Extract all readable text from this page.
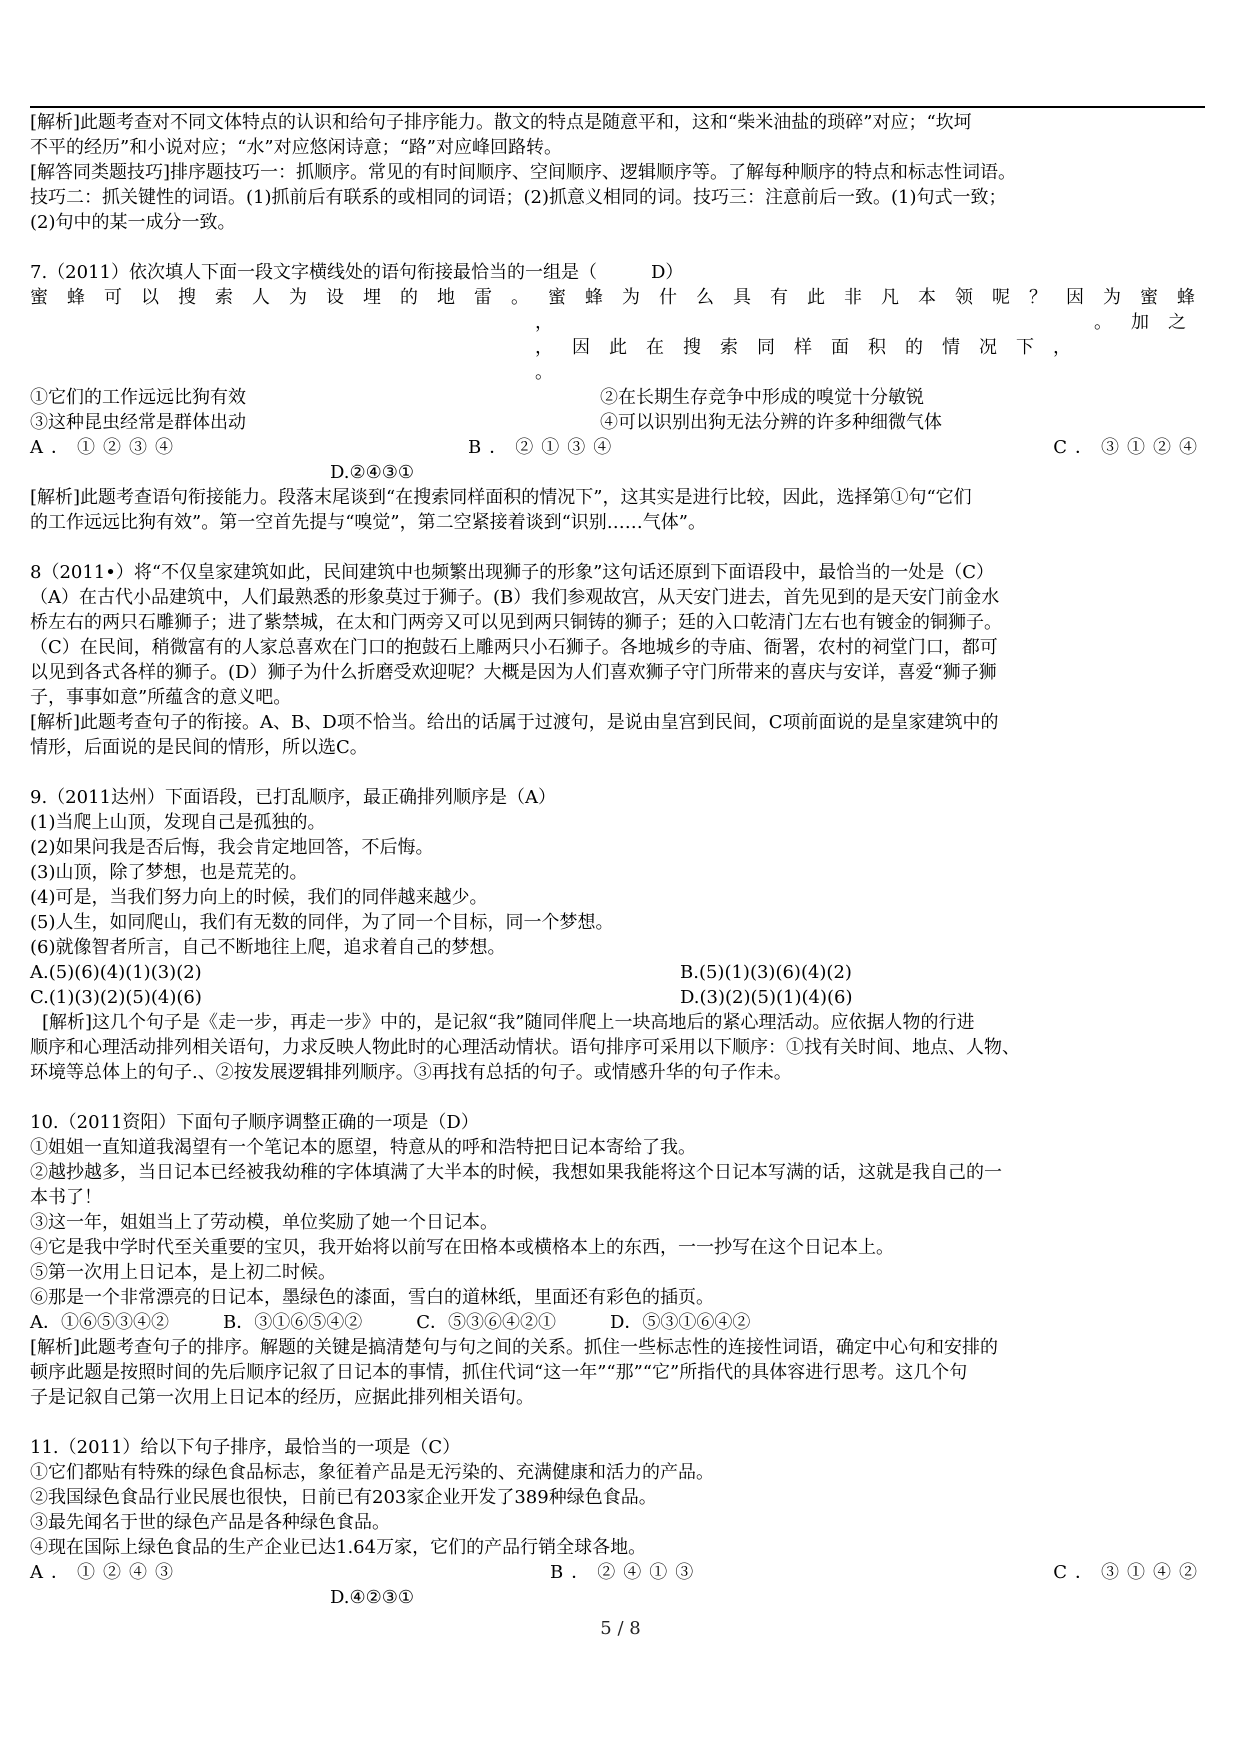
[解析]此题考查对不同文体特点的认识和给句子排序能力。散文的特点是随意平和，这和“柴米油盐的琐碎”对应；“坎坷
不平的经历”和小说对应；“水”对应悠闲诗意；“路”对应峰回路转。
[解答同类题技巧]排序题技巧一：抓顺序。常见的有时间顺序、空间顺序、逻辑顺序等。了解每种顺序的特点和标志性词语。
技巧二：抓关键性的词语。(1)抓前后有联系的或相同的词语；(2)抓意义相同的词。技巧三：注意前后一致。(1)句式一致；
(2)句中的某一成分一致。
7.（2011）依次填人下面一段文字横线处的语句衔接最恰当的一组是（　　　D）
蜜蜂可以搜索人为设埋的地雷。蜜蜂为什么具有此非凡本领呢？因为蜜蜂
，	。加之
，因此在搜索同样面积的情况下，
。
①它们的工作远远比狗有效	②在长期生存竞争中形成的嗅觉十分敏锐
③这种昆虫经常是群体出动	④可以识别出狗无法分辨的许多种细微气体
A．①②③④	B．②①③④	C．③①②④
D.②④③①
[解析]此题考查语句衔接能力。段落末尾谈到“在搜索同样面积的情况下”，这其实是进行比较，因此，选择第①句“它们
的工作远远比狗有效”。第一空首先提与“嗅觉”，第二空紧接着谈到“识别……气体”。
8（2011•）将“不仅皇家建筑如此，民间建筑中也频繁出现狮子的形象”这句话还原到下面语段中，最恰当的一处是（C）
（A）在古代小品建筑中，人们最熟悉的形象莫过于狮子。(B）我们参观故宫，从天安门进去，首先见到的是天安门前金水
桥左右的两只石雕狮子；进了紫禁城，在太和门两旁又可以见到两只铜铸的狮子；廷的入口乾清门左右也有镀金的铜狮子。
（C）在民间，稍微富有的人家总喜欢在门口的抱鼓石上雕两只小石狮子。各地城乡的寺庙、衙署，农村的祠堂门口，都可
以见到各式各样的狮子。(D）狮子为什么折磨受欢迎呢？大概是因为人们喜欢狮子守门所带来的喜庆与安详，喜爱“狮子狮
子，事事如意”所蕴含的意义吧。
[解析]此题考查句子的衔接。A、B、D项不恰当。给出的话属于过渡句，是说由皇宫到民间，C项前面说的是皇家建筑中的
情形，后面说的是民间的情形，所以选C。
9.（2011达州）下面语段，已打乱顺序，最正确排列顺序是（A）
(1)当爬上山顶，发现自己是孤独的。
(2)如果问我是否后悔，我会肯定地回答，不后悔。
(3)山顶，除了梦想，也是荒芜的。
(4)可是，当我们努力向上的时候，我们的同伴越来越少。
(5)人生，如同爬山，我们有无数的同伴，为了同一个目标，同一个梦想。
(6)就像智者所言，自己不断地往上爬，追求着自己的梦想。
A.(5)(6)(4)(1)(3)(2)	B.(5)(1)(3)(6)(4)(2)
C.(1)(3)(2)(5)(4)(6)	D.(3)(2)(5)(1)(4)(6)
[解析]这几个句子是《走一步，再走一步》中的，是记叙“我”随同伴爬上一块高地后的紧心理活动。应依据人物的行进
顺序和心理活动排列相关语句，力求反映人物此时的心理活动情状。语句排序可采用以下顺序：①找有关时间、地点、人物、
环境等总体上的句子.、②按发展逻辑排列顺序。③再找有总括的句子。或情感升华的句子作未。
10.（2011资阳）下面句子顺序调整正确的一项是（D）
①姐姐一直知道我渴望有一个笔记本的愿望，特意从的呼和浩特把日记本寄给了我。
②越抄越多，当日记本已经被我幼稚的字体填满了大半本的时候，我想如果我能将这个日记本写满的话，这就是我自己的一
本书了！
③这一年，姐姐当上了劳动模，单位奖励了她一个日记本。
④它是我中学时代至关重要的宝贝，我开始将以前写在田格本或横格本上的东西，一一抄写在这个日记本上。
⑤第一次用上日记本，是上初二时候。
⑥那是一个非常漂亮的日记本，墨绿色的漆面，雪白的道林纸，里面还有彩色的插页。
A．①⑥⑤③④②　　　B．③①⑥⑤④②　　　C．⑤③⑥④②①　　　D．⑤③①⑥④②
[解析]此题考查句子的排序。解题的关键是搞清楚句与句之间的关系。抓住一些标志性的连接性词语，确定中心句和安排的
顿序此题是按照时间的先后顺序记叙了日记本的事情，抓住代词“这一年”“那”“它”所指代的具体容进行思考。这几个句
子是记叙自己第一次用上日记本的经历，应据此排列相关语句。
11.（2011）给以下句子排序，最恰当的一项是（C）
①它们都贴有特殊的绿色食品标志，象征着产品是无污染的、充满健康和活力的产品。
②我国绿色食品行业民展也很快，日前已有203家企业开发了389种绿色食品。
③最先闻名于世的绿色产品是各种绿色食品。
④现在国际上绿色食品的生产企业已达1.64万家，它们的产品行销全球各地。
A．①②④③	B．②④①③	C．③①④②
D.④②③①
5 / 8
